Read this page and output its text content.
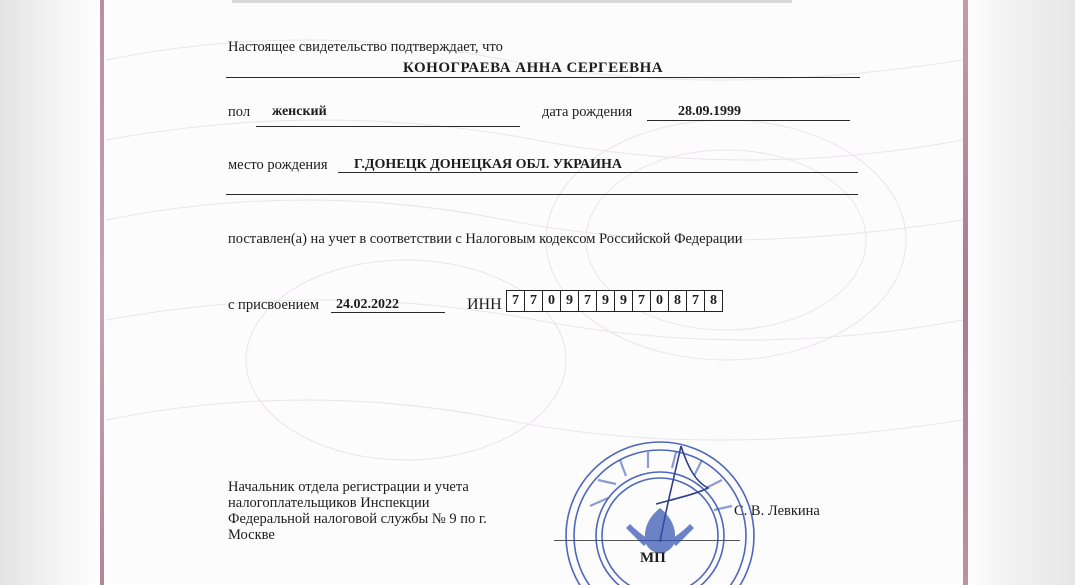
Настоящее свидетельство подтверждает, что
КОНОГРАЕВА АННА СЕРГЕЕВНА
пол женский	дата рождения	28.09.1999
место рождения Г.ДОНЕЦК ДОНЕЦКАЯ ОБЛ. УКРАИНА
поставлен(а) на учет в соответствии с Налоговым кодексом Российской Федерации
с присвоением 24.02.2022	ИНН 7 7 0 9 7 9 9 7 0 8 7 8
Начальник отдела регистрации и учета
налогоплательщиков Инспекции
Федеральной налоговой службы № 9 по г.
Москве
С. В. Левкина
МП
